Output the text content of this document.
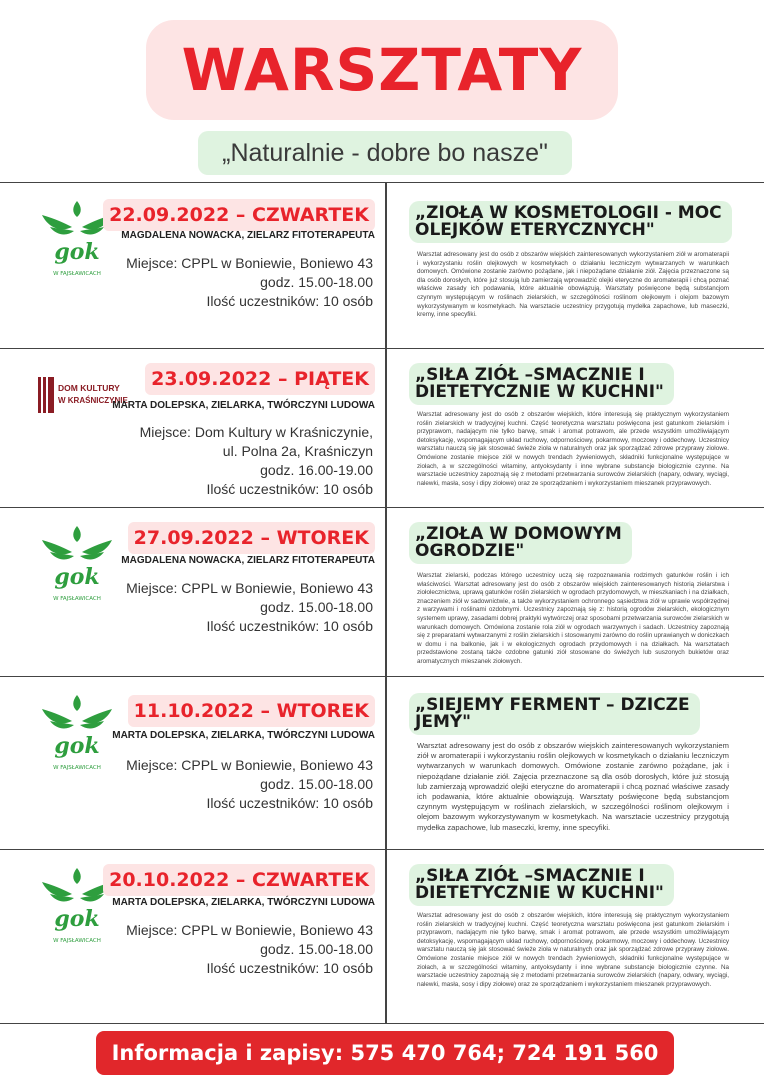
WARSZTATY
„Naturalnie - dobre bo nasze"
gok
W FAJSŁAWICACH
22.09.2022 – CZWARTEK
MAGDALENA NOWACKA, ZIELARZ FITOTERAPEUTA
Miejsce: CPPL w Boniewie, Boniewo 43
godz. 15.00-18.00
Ilość uczestników: 10 osób
„ZIOŁA W KOSMETOLOGII - MOC
OLEJKÓW ETERYCZNYCH"
Warsztat adresowany jest do osób z obszarów wiejskich zainteresowanych wykorzystaniem ziół w aromaterapii i wykorzystaniu roślin olejkowych w kosmetykach o działaniu leczniczym wytwarzanych w warunkach domowych. Omówione zostanie zarówno pożądane, jak i niepożądane działanie ziół. Zajęcia przeznaczone są dla osób dorosłych, które już stosują lub zamierzają wprowadzić olejki eteryczne do aromaterapii i chcą poznać właściwe zasady ich podawania, które aktualnie obowiązują. Warsztaty poświęcone będą substancjom czynnym występującym w roślinach zielarskich, w szczególności roślinom olejkowym i olejom bazowym wykorzystywanym w kosmetykach. Na warsztacie uczestnicy przygotują mydełka zapachowe, lub maseczki, kremy, inne specyfiki.
DOM KULTURY
W KRAŚNICZYNIE
23.09.2022 – PIĄTEK
MARTA DOLEPSKA, ZIELARKA, TWÓRCZYNI LUDOWA
Miejsce: Dom Kultury w Kraśniczynie,
ul. Polna 2a, Kraśniczyn
godz. 16.00-19.00
Ilość uczestników: 10 osób
„SIŁA ZIÓŁ –SMACZNIE I
DIETETYCZNIE W KUCHNI"
Warsztat adresowany jest do osób z obszarów wiejskich, które interesują się praktycznym wykorzystaniem roślin zielarskich w tradycyjnej kuchni. Część teoretyczna warsztatu poświęcona jest gatunkom zielarskim i przyprawom, nadającym nie tylko barwę, smak i aromat potrawom, ale przede wszystkim umożliwiającym detoksykację, wspomagającym układ ruchowy, odpornościowy, pokarmowy, moczowy i oddechowy. Uczestnicy warsztatu nauczą się jak stosować świeże zioła w naturalnych oraz jak sporządzać zdrowe przyprawy ziołowe. Omówione zostanie miejsce ziół w nowych trendach żywieniowych, składniki funkcjonalne występujące w ziołach, a w szczególności witaminy, antyoksydanty i inne wybrane substancje biologicznie czynne. Na warsztacie uczestnicy zapoznają się z metodami przetwarzania surowców zielarskich (napary, odwary, wyciągi, nalewki, masła, sosy i dipy ziołowe) oraz ze sporządzaniem i wykorzystaniem mieszanek przyprawowych.
gok
W FAJSŁAWICACH
27.09.2022 – WTOREK
MAGDALENA NOWACKA, ZIELARZ FITOTERAPEUTA
Miejsce: CPPL w Boniewie, Boniewo 43
godz. 15.00-18.00
Ilość uczestników: 10 osób
„ZIOŁA W DOMOWYM
OGRODZIE"
Warsztat zielarski, podczas którego uczestnicy uczą się rozpoznawania rodzimych gatunków roślin i ich właściwości. Warsztat adresowany jest do osób z obszarów wiejskich zainteresowanych historią zielarstwa i ziołolecznictwa, uprawą gatunków roślin zielarskich w ogrodach przydomowych, w mieszkaniach i na działkach, znaczeniem ziół w sadownictwie, a także wykorzystaniem ochronnego sąsiedztwa ziół w uprawie współrzędnej z warzywami i roślinami ozdobnymi. Uczestnicy zapoznają się z: historią ogrodów zielarskich, ekologicznym systemem uprawy, zasadami dobrej praktyki wytwórczej oraz sposobami przetwarzania surowców zielarskich w warunkach domowych. Omówiona zostanie rola ziół w ogrodach warzywnych i sadach. Uczestnicy zapoznają się z preparatami wytwarzanymi z roślin zielarskich i stosowanymi zarówno do roślin uprawianych w doniczkach w domu i na balkonie, jak i w ekologicznych ogrodach przydomowych i na działkach. Na warsztatach przedstawione zostaną także ozdobne gatunki ziół stosowane do świeżych lub suszonych bukietów oraz aromatycznych mieszanek ziołowych.
gok
W FAJSŁAWICACH
11.10.2022 – WTOREK
MARTA DOLEPSKA, ZIELARKA, TWÓRCZYNI LUDOWA
Miejsce: CPPL w Boniewie, Boniewo 43
godz. 15.00-18.00
Ilość uczestników: 10 osób
„SIEJEMY FERMENT – DZICZE
JEMY"
Warsztat adresowany jest do osób z obszarów wiejskich zainteresowanych wykorzystaniem ziół w aromaterapii i wykorzystaniu roślin olejkowych w kosmetykach o działaniu leczniczym wytwarzanych w warunkach domowych. Omówione zostanie zarówno pożądane, jak i niepożądane działanie ziół. Zajęcia przeznaczone są dla osób dorosłych, które już stosują lub zamierzają wprowadzić olejki eteryczne do aromaterapii i chcą poznać właściwe zasady ich podawania, które aktualnie obowiązują. Warsztaty poświęcone będą substancjom czynnym występującym w roślinach zielarskich, w szczególności roślinom olejkowym i olejom bazowym wykorzystywanym w kosmetykach. Na warsztacie uczestnicy przygotują mydełka zapachowe, lub maseczki, kremy, inne specyfiki.
gok
W FAJSŁAWICACH
20.10.2022 – CZWARTEK
MARTA DOLEPSKA, ZIELARKA, TWÓRCZYNI LUDOWA
Miejsce: CPPL w Boniewie, Boniewo 43
godz. 15.00-18.00
Ilość uczestników: 10 osób
„SIŁA ZIÓŁ –SMACZNIE I
DIETETYCZNIE W KUCHNI"
Warsztat adresowany jest do osób z obszarów wiejskich, które interesują się praktycznym wykorzystaniem roślin zielarskich w tradycyjnej kuchni. Część teoretyczna warsztatu poświęcona jest gatunkom zielarskim i przyprawom, nadającym nie tylko barwę, smak i aromat potrawom, ale przede wszystkim umożliwiającym detoksykację, wspomagającym układ ruchowy, odpornościowy, pokarmowy, moczowy i oddechowy. Uczestnicy warsztatu nauczą się jak stosować świeże zioła w naturalnych oraz jak sporządzać zdrowe przyprawy ziołowe. Omówione zostanie miejsce ziół w nowych trendach żywieniowych, składniki funkcjonalne występujące w ziołach, a w szczególności witaminy, antyoksydanty i inne wybrane substancje biologicznie czynne. Na warsztacie uczestnicy zapoznają się z metodami przetwarzania surowców zielarskich (napary, odwary, wyciągi, nalewki, masła, sosy i dipy ziołowe) oraz ze sporządzaniem i wykorzystaniem mieszanek przyprawowych.
Informacja i zapisy: 575 470 764; 724 191 560
